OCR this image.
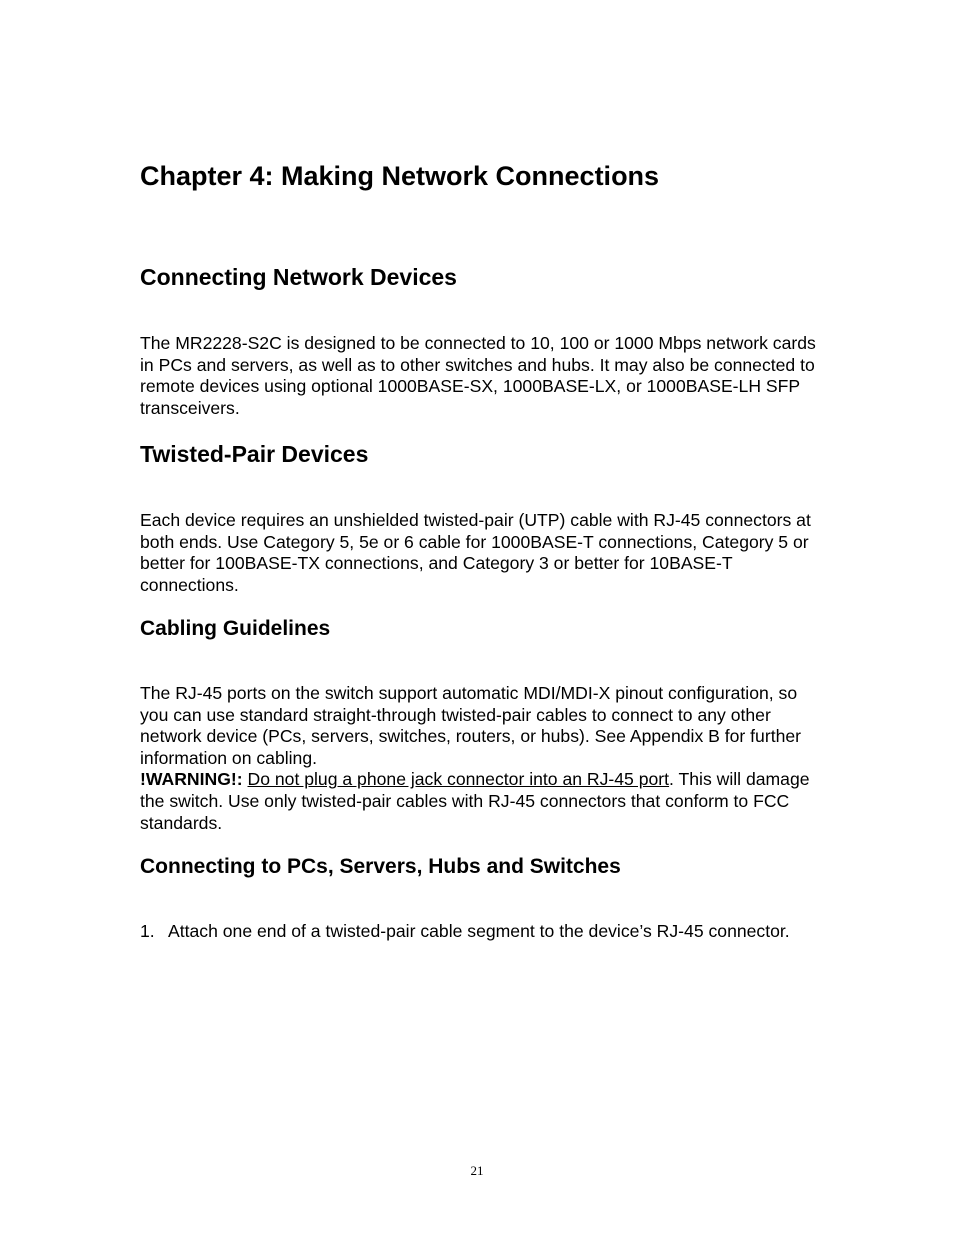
Chapter 4: Making Network Connections
Connecting Network Devices

The MR2228-S2C is designed to be connected to 10, 100 or 1000 Mbps network cards in PCs and servers, as well as to other switches and hubs. It may also be connected to remote devices using optional 1000BASE-SX, 1000BASE-LX, or 1000BASE-LH SFP transceivers.

Twisted-Pair Devices

Each device requires an unshielded twisted-pair (UTP) cable with RJ-45 connectors at both ends. Use Category 5, 5e or 6 cable for 1000BASE-T connections, Category 5 or better for 100BASE-TX connections, and Category 3 or better for 10BASE-T connections.

Cabling Guidelines
The RJ-45 ports on the switch support automatic MDI/MDI-X pinout configuration, so you can use standard straight-through twisted-pair cables to connect to any other network device (PCs, servers, switches, routers, or hubs). See Appendix B for further information on cabling.
!WARNING!: Do not plug a phone jack connector into an RJ-45 port. This will damage the switch. Use only twisted-pair cables with RJ-45 connectors that conform to FCC standards.
Connecting to PCs, Servers, Hubs and Switches
1. Attach one end of a twisted-pair cable segment to the device’s RJ-45 connector.
21
